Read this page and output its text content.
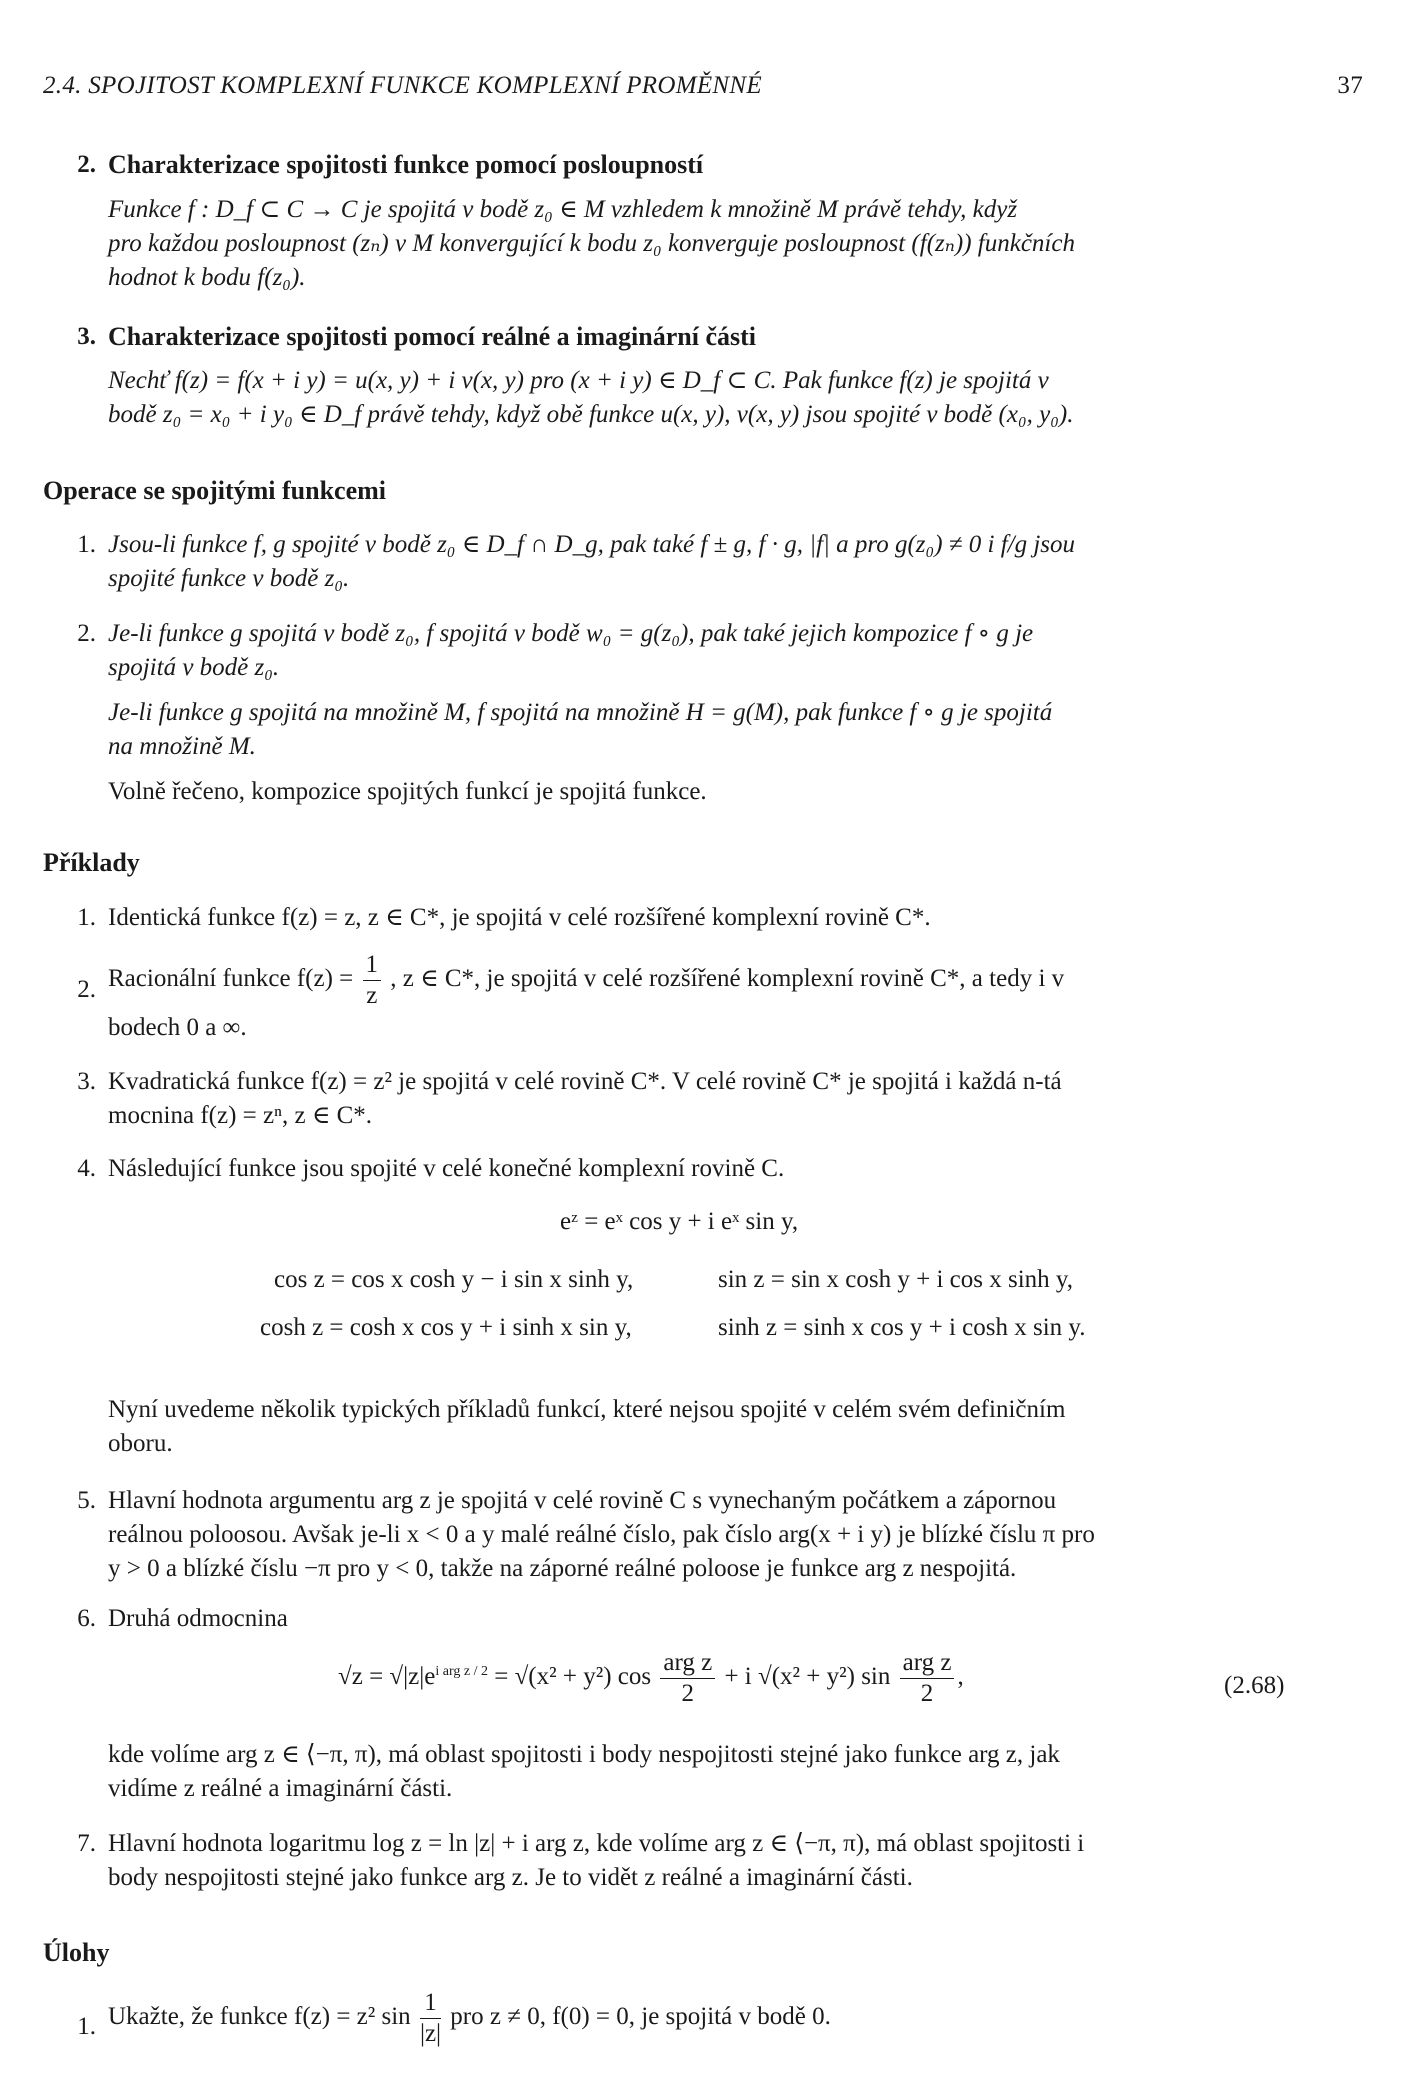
2.4. SPOJITOST KOMPLEXNÍ FUNKCE KOMPLEXNÍ PROMĚNNÉ	37
2. Charakterizace spojitosti funkce pomocí posloupností
Funkce f : D_f ⊂ C → C je spojitá v bodě z₀ ∈ M vzhledem k množině M právě tehdy, když
pro každou posloupnost (zₙ) v M konvergující k bodu z₀ konverguje posloupnost (f(zₙ)) funkčních
hodnot k bodu f(z₀).
3. Charakterizace spojitosti pomocí reálné a imaginární části
Nechť f(z) = f(x + i y) = u(x, y) + i v(x, y) pro (x + i y) ∈ D_f ⊂ C. Pak funkce f(z) je spojitá v
bodě z₀ = x₀ + i y₀ ∈ D_f právě tehdy, když obě funkce u(x, y), v(x, y) jsou spojité v bodě (x₀, y₀).
Operace se spojitými funkcemi
1. Jsou-li funkce f, g spojité v bodě z₀ ∈ D_f ∩ D_g, pak také f ± g, f · g, |f| a pro g(z₀) ≠ 0 i f/g jsou
spojité funkce v bodě z₀.
2. Je-li funkce g spojitá v bodě z₀, f spojitá v bodě w₀ = g(z₀), pak také jejich kompozice f ∘ g je
spojitá v bodě z₀.
Je-li funkce g spojitá na množině M, f spojitá na množině H = g(M), pak funkce f ∘ g je spojitá
na množině M.
Volně řečeno, kompozice spojitých funkcí je spojitá funkce.
Příklady
1. Identická funkce f(z) = z, z ∈ C*, je spojitá v celé rozšířené komplexní rovině C*.
2. Racionální funkce $f(z) = \frac{1}{z}$ , z ∈ C*, je spojitá v celé rozšířené komplexní rovině C*, a tedy i v
bodech 0 a ∞.
3. Kvadratická funkce f(z) = z² je spojitá v celé rovině C*. V celé rovině C* je spojitá i každá n-tá
mocnina f(z) = zⁿ, z ∈ C*.
4. Následující funkce jsou spojité v celé konečné komplexní rovině C.
eᶻ = eˣ cos y + i eˣ sin y,
cos z = cos x cosh y − i sin x sinh y,	sin z = sin x cosh y + i cos x sinh y,
cosh z = cosh x cos y + i sinh x sin y,	sinh z = sinh x cos y + i cosh x sin y.
Nyní uvedeme několik typických příkladů funkcí, které nejsou spojité v celém svém definičním
oboru.
5. Hlavní hodnota argumentu arg z je spojitá v celé rovině C s vynechaným počátkem a zápornou
reálnou poloosou. Avšak je-li x < 0 a y malé reálné číslo, pak číslo arg(x + i y) je blízké číslu π pro
y > 0 a blízké číslu −π pro y < 0, takže na záporné reálné poloose je funkce arg z nespojitá.
6. Druhá odmocnina
$√z = √|z|e^{i arg z / 2} = √(x^2 + y^2)$ $\cos \frac{\text{arg z}}{2} + i$ √(x² + y²) $\sin \frac{\text{arg z}}{2}$ ,	(2.68)
kde volíme arg z ∈ ⟨−π, π), má oblast spojitosti i body nespojitosti stejné jako funkce arg z, jak
vidíme z reálné a imaginární části.
7. Hlavní hodnota logaritmu log z = ln |z| + i arg z, kde volíme arg z ∈ ⟨−π, π), má oblast spojitosti i
body nespojitosti stejné jako funkce arg z. Je to vidět z reálné a imaginární části.
Úlohy
1. Ukažte, že funkce f(z) = z² $\sin \frac{1}{|z|}$ pro z ≠ 0, f(0) = 0, je spojitá v bodě 0.
